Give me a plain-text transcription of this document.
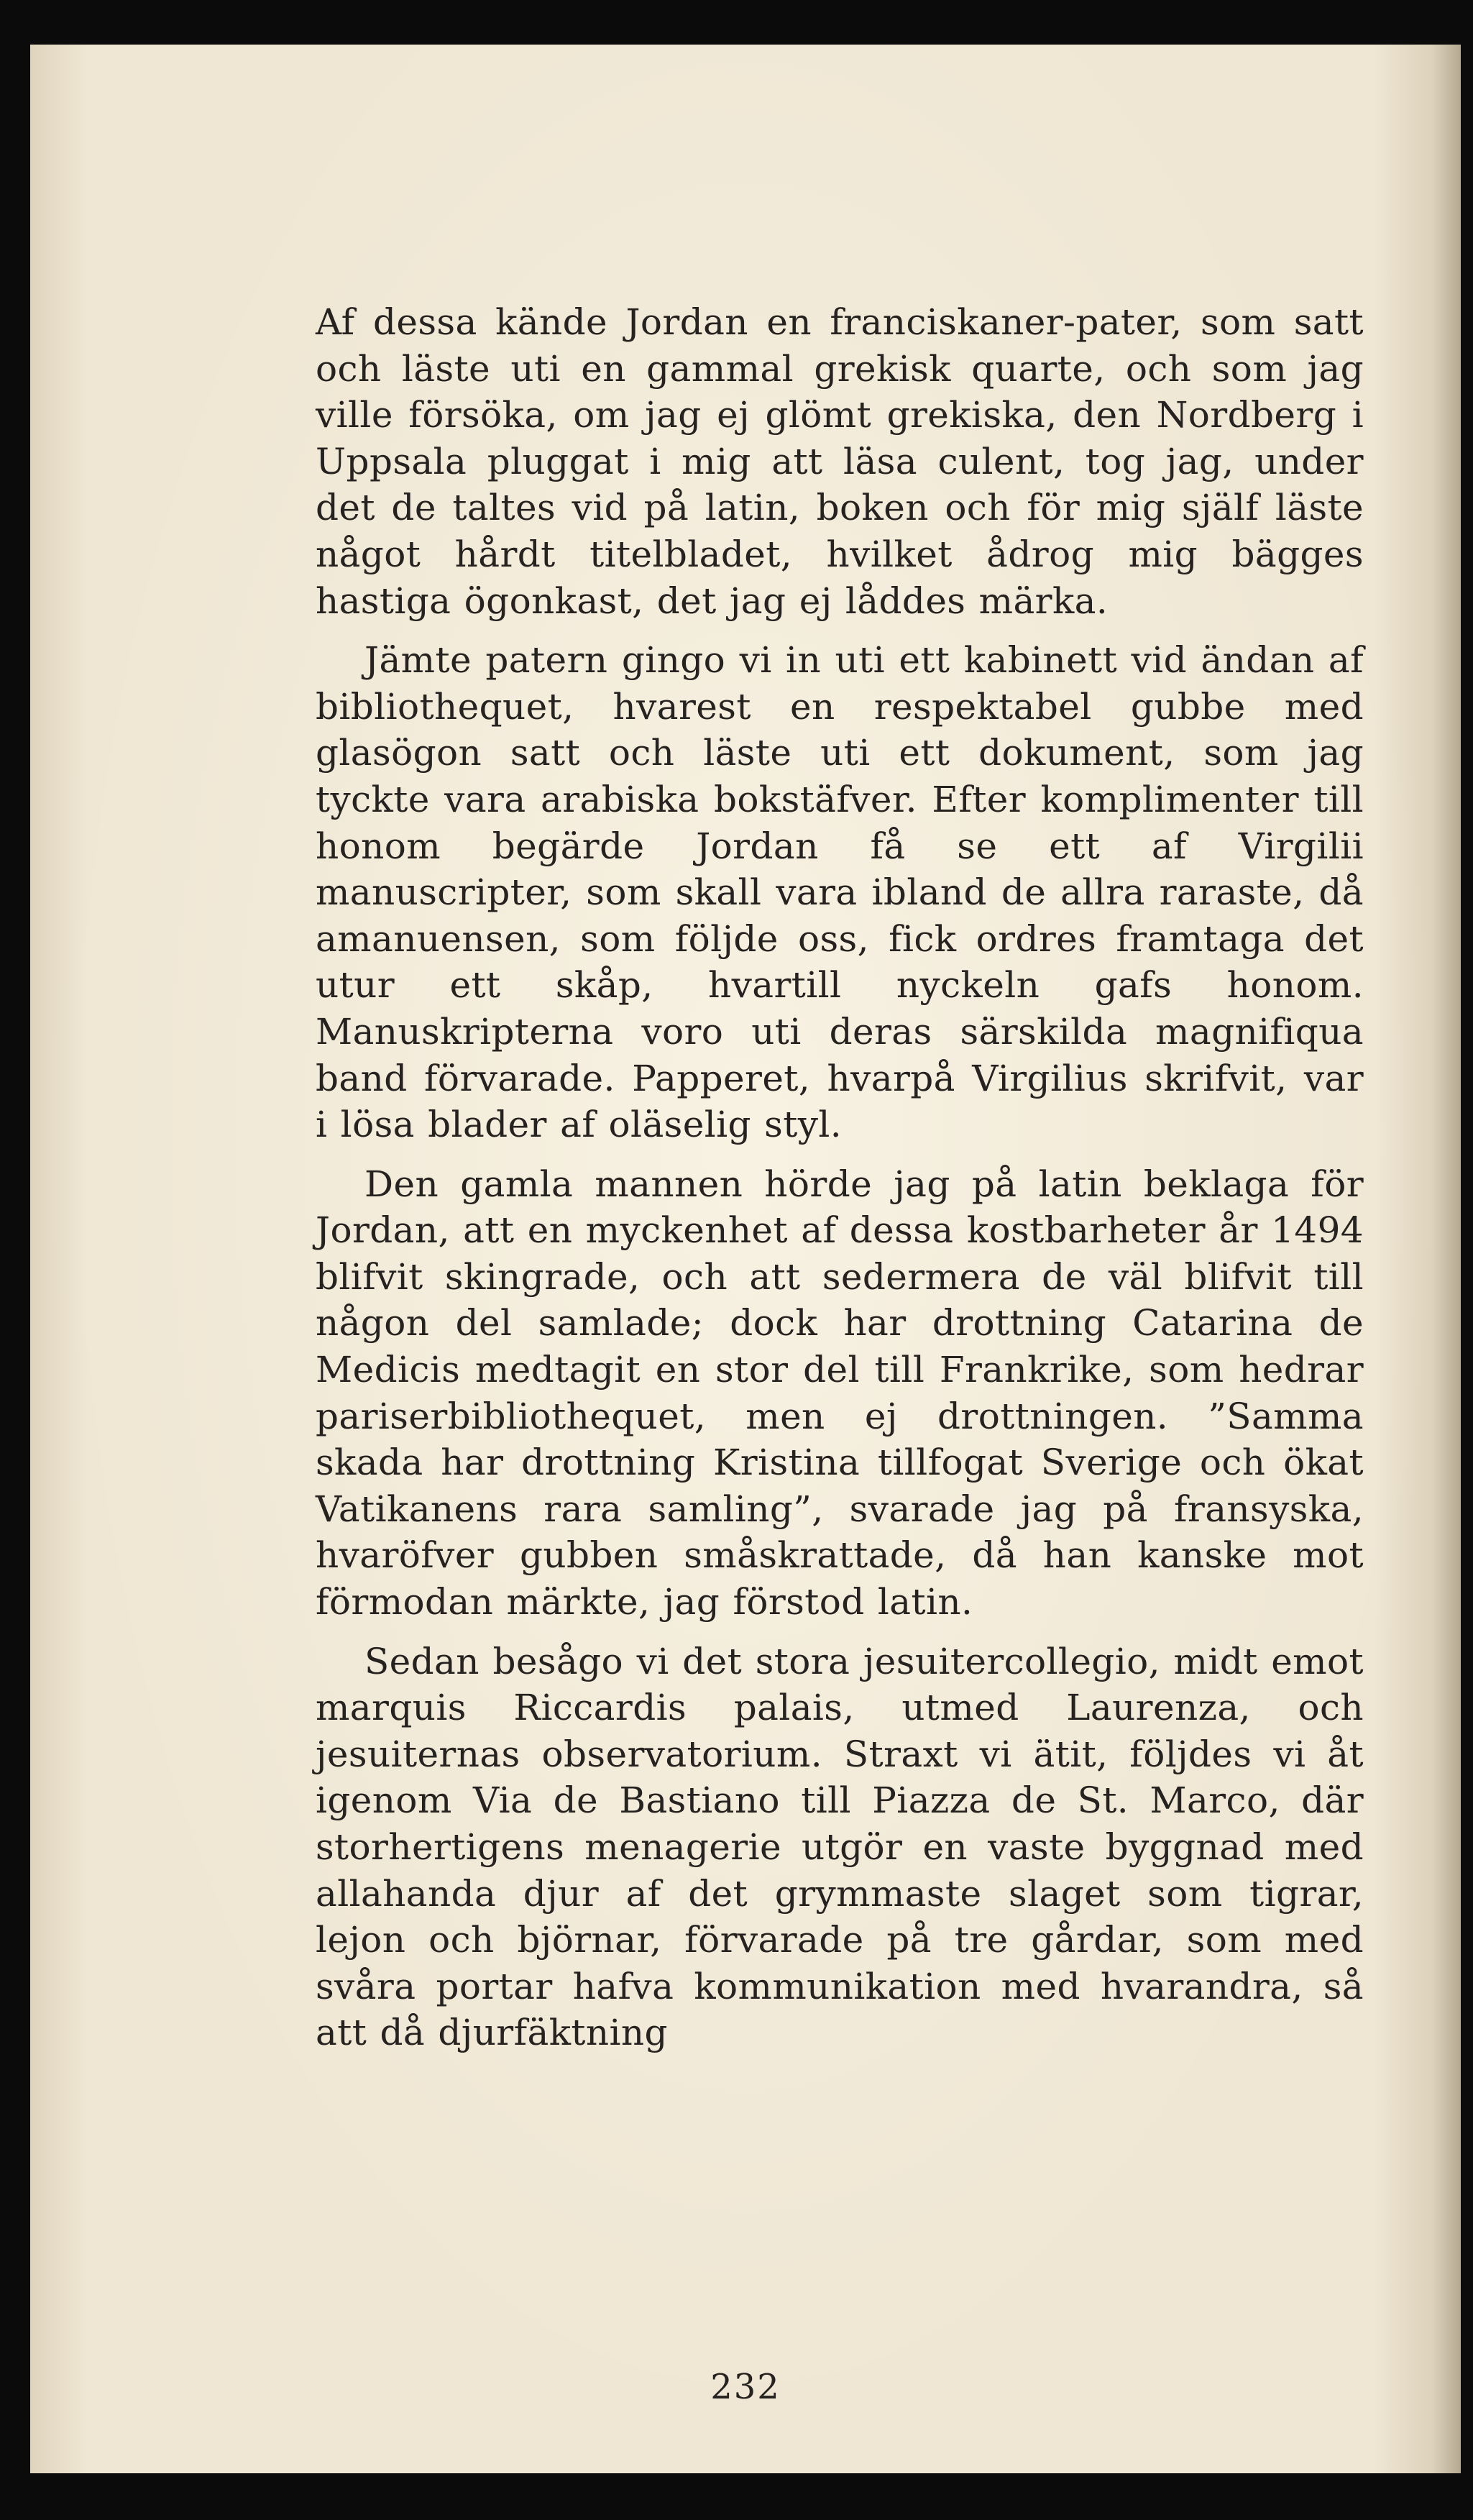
Af dessa kände Jordan en franciskaner-pater, som satt och läste uti en gammal grekisk quarte, och som jag ville försöka, om jag ej glömt grekiska, den Nordberg i Uppsala pluggat i mig att läsa culent, tog jag, under det de taltes vid på latin, boken och för mig själf läste något hårdt titelbladet, hvilket ådrog mig bägges hastiga ögonkast, det jag ej låddes märka.

Jämte patern gingo vi in uti ett kabinett vid ändan af bibliothequet, hvarest en respektabel gubbe med glasögon satt och läste uti ett dokument, som jag tyckte vara arabiska bokstäfver. Efter komplimenter till honom begärde Jordan få se ett af Virgilii manuscripter, som skall vara ibland de allra raraste, då amanuensen, som följde oss, fick ordres framtaga det utur ett skåp, hvartill nyckeln gafs honom. Manuskripterna voro uti deras särskilda magnifiqua band förvarade. Papperet, hvarpå Virgilius skrifvit, var i lösa blader af oläselig styl.

Den gamla mannen hörde jag på latin beklaga för Jordan, att en myckenhet af dessa kostbarheter år 1494 blifvit skingrade, och att sedermera de väl blifvit till någon del samlade; dock har drottning Catarina de Medicis medtagit en stor del till Frankrike, som hedrar pariserbibliothequet, men ej drottningen. ”Samma skada har drottning Kristina tillfogat Sverige och ökat Vatikanens rara samling”, svarade jag på fransyska, hvaröfver gubben småskrattade, då han kanske mot förmodan märkte, jag förstod latin.

Sedan besågo vi det stora jesuitercollegio, midt emot marquis Riccardis palais, utmed Laurenza, och jesuiternas observatorium. Straxt vi ätit, följdes vi åt igenom Via de Bastiano till Piazza de St. Marco, där storhertigens menagerie utgör en vaste byggnad med allahanda djur af det grymmaste slaget som tigrar, lejon och björnar, förvarade på tre gårdar, som med svåra portar hafva kommunikation med hvarandra, så att då djurfäktning

232
